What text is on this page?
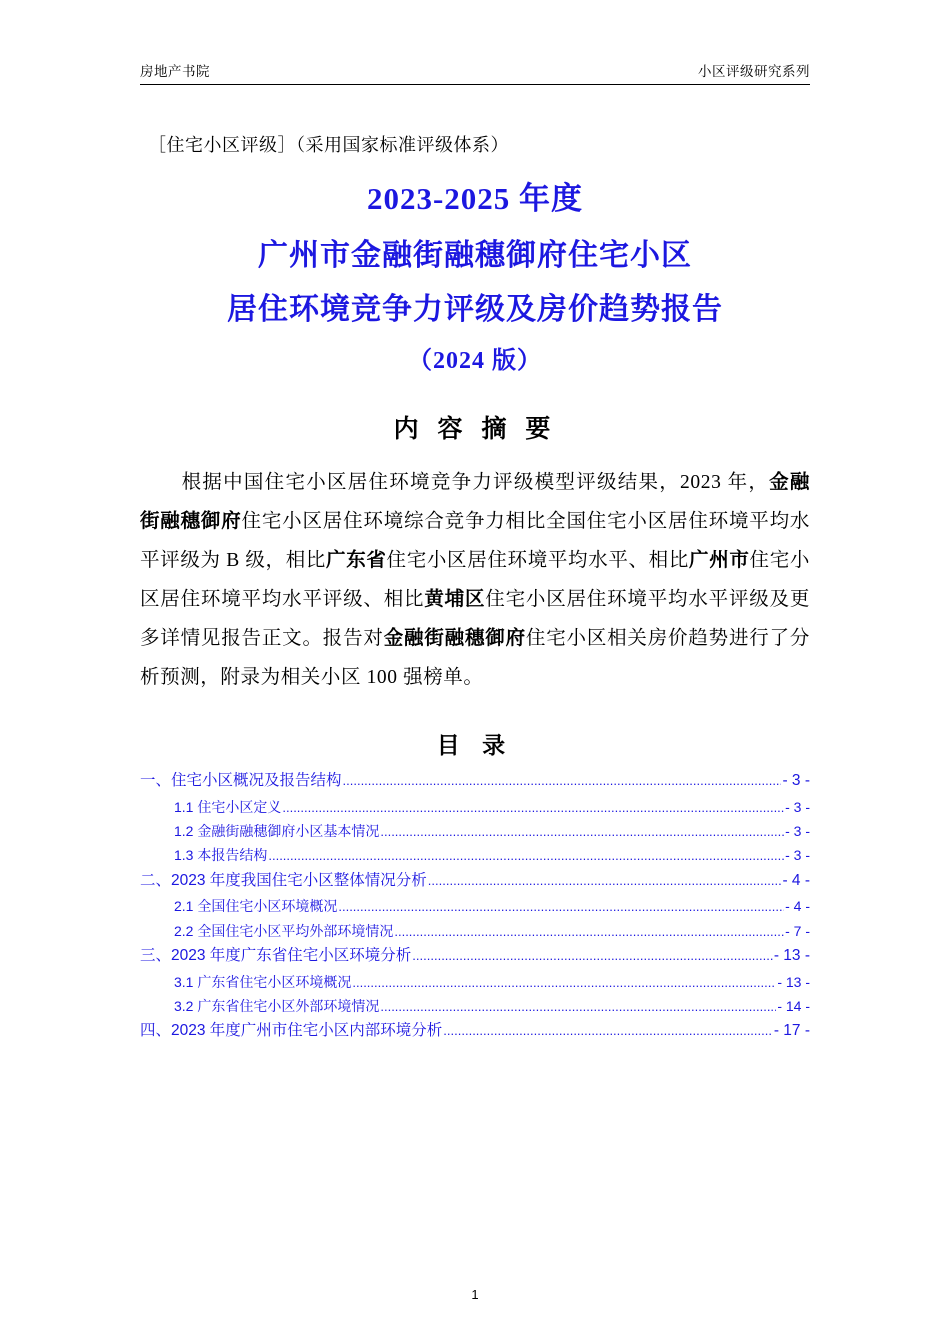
房地产书院	小区评级研究系列
［住宅小区评级］（采用国家标准评级体系）
2023-2025 年度
广州市金融街融穗御府住宅小区
居住环境竞争力评级及房价趋势报告
（2024 版）
内 容 摘 要

根据中国住宅小区居住环境竞争力评级模型评级结果，2023 年，金融街融穗御府住宅小区居住环境综合竞争力相比全国住宅小区居住环境平均水平评级为 B 级，相比广东省住宅小区居住环境平均水平、相比广州市住宅小区居住环境平均水平评级、相比黄埔区住宅小区居住环境平均水平评级及更多详情见报告正文。报告对金融街融穗御府住宅小区相关房价趋势进行了分析预测，附录为相关小区 100 强榜单。

目 录
一、住宅小区概况及报告结构 .....	- 3 -
1.1 住宅小区定义 .....	- 3 -
1.2 金融街融穗御府小区基本情况 .....	- 3 -
1.3 本报告结构 .....	- 3 -
二、2023 年度我国住宅小区整体情况分析 .....	- 4 -
2.1 全国住宅小区环境概况 .....	- 4 -
2.2 全国住宅小区平均外部环境情况 .....	- 7 -
三、2023 年度广东省住宅小区环境分析 .....	- 13 -
3.1 广东省住宅小区环境概况 .....	- 13 -
3.2 广东省住宅小区外部环境情况 .....	- 14 -
四、2023 年度广州市住宅小区内部环境分析 .....	- 17 -
1
